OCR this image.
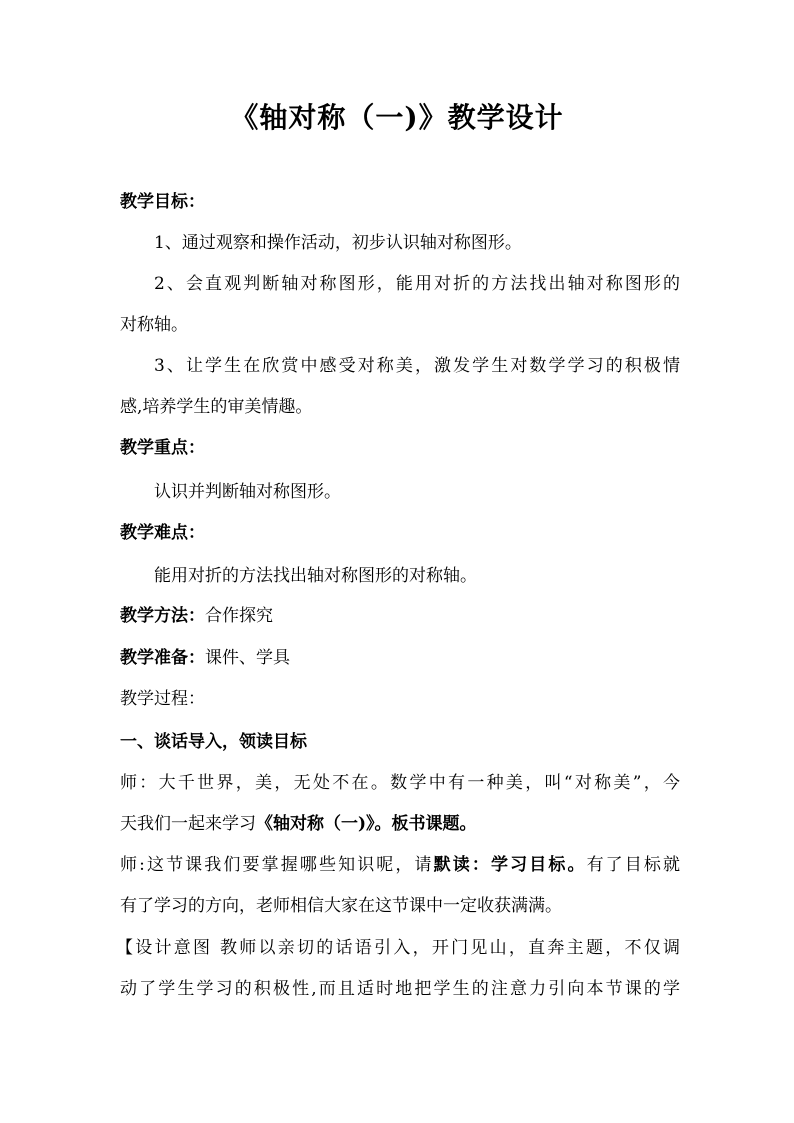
《轴对称（一)》教学设计
教学目标：
1、通过观察和操作活动，初步认识轴对称图形。
2、会直观判断轴对称图形，能用对折的方法找出轴对称图形的
对称轴。
3、让学生在欣赏中感受对称美，激发学生对数学学习的积极情
感,培养学生的审美情趣。
教学重点：
认识并判断轴对称图形。
教学难点：
能用对折的方法找出轴对称图形的对称轴。
教学方法：合作探究
教学准备：课件、学具
教学过程：
一、谈话导入，领读目标
师：大千世界，美，无处不在。数学中有一种美，叫“对称美”，今
天我们一起来学习《轴对称（一)》。板书课题。
师:这节课我们要掌握哪些知识呢，请默读：学习目标。有了目标就
有了学习的方向，老师相信大家在这节课中一定收获满满。
【设计意图 教师以亲切的话语引入，开门见山，直奔主题，不仅调
动了学生学习的积极性,而且适时地把学生的注意力引向本节课的学
